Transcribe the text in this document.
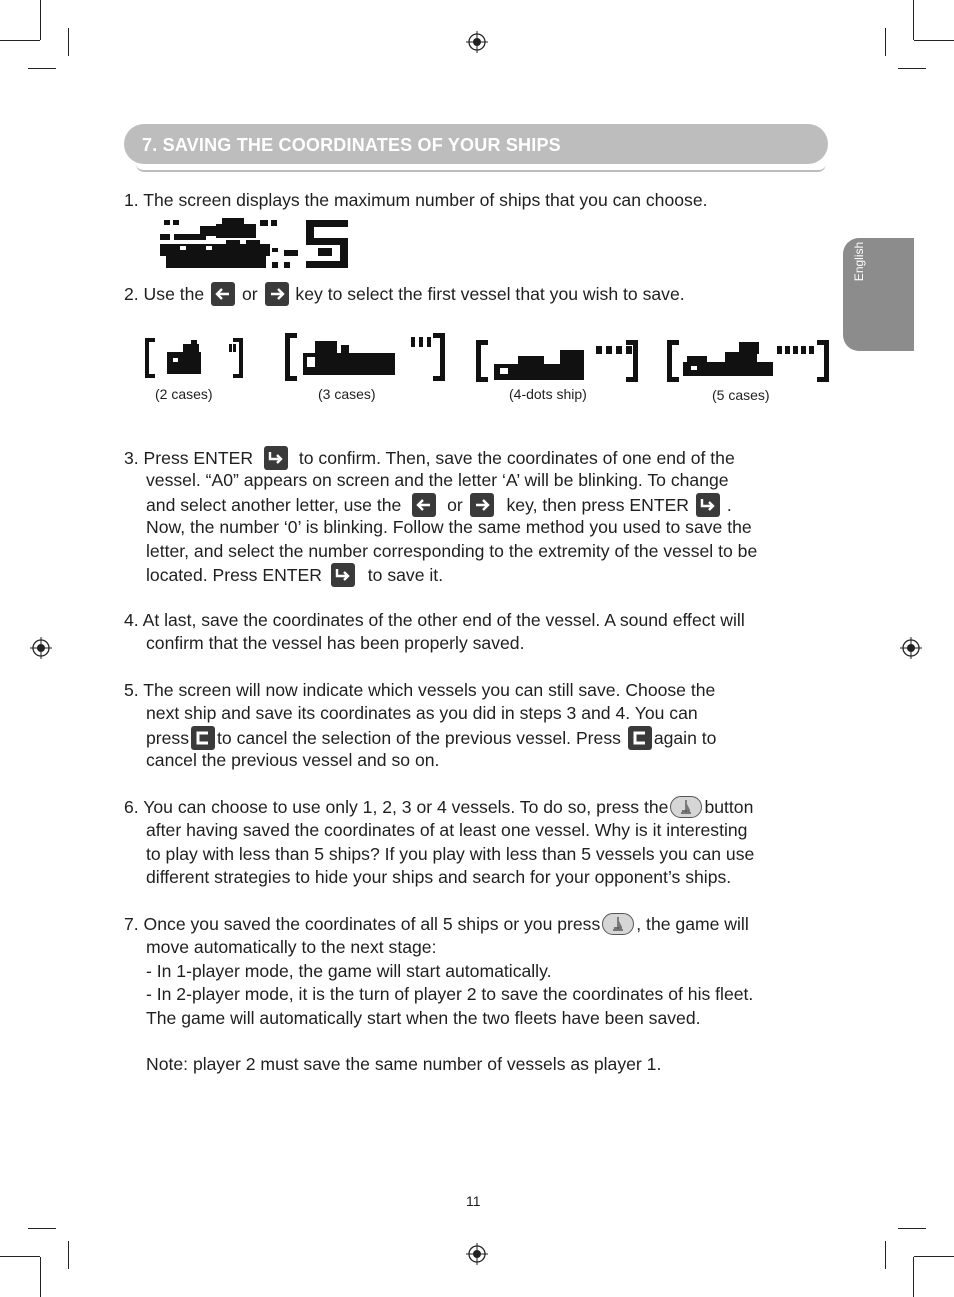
7. SAVING THE COORDINATES OF YOUR SHIPS
English
1. The screen displays the maximum number of ships that you can choose.
2. Use the or key to select the first vessel that you wish to save.
(2 cases)	(3 cases)	(4-dots ship)	(5 cases)
3. Press ENTER	to confirm. Then, save the coordinates of one end of the
vessel. “A0” appears on screen and the letter ‘A’ will be blinking. To change
and select another letter, use the	or key, then press ENTER .
Now, the number ‘0’ is blinking. Follow the same method you used to save the
letter, and select the number corresponding to the extremity of the vessel to be
located. Press ENTER	to save it.
4. At last, save the coordinates of the other end of the vessel. A sound effect will
confirm that the vessel has been properly saved.
5. The screen will now indicate which vessels you can still save. Choose the
next ship and save its coordinates as you did in steps 3 and 4. You can
press to cancel the selection of the previous vessel. Press again to
cancel the previous vessel and so on.
6. You can choose to use only 1, 2, 3 or 4 vessels. To do so, press the button
after having saved the coordinates of at least one vessel. Why is it interesting
to play with less than 5 ships? If you play with less than 5 vessels you can use
different strategies to hide your ships and search for your opponent’s ships.
7. Once you saved the coordinates of all 5 ships or you press , the game will
move automatically to the next stage:
- In 1-player mode, the game will start automatically.
- In 2-player mode, it is the turn of player 2 to save the coordinates of his fleet.
The game will automatically start when the two fleets have been saved.
Note: player 2 must save the same number of vessels as player 1.
11
